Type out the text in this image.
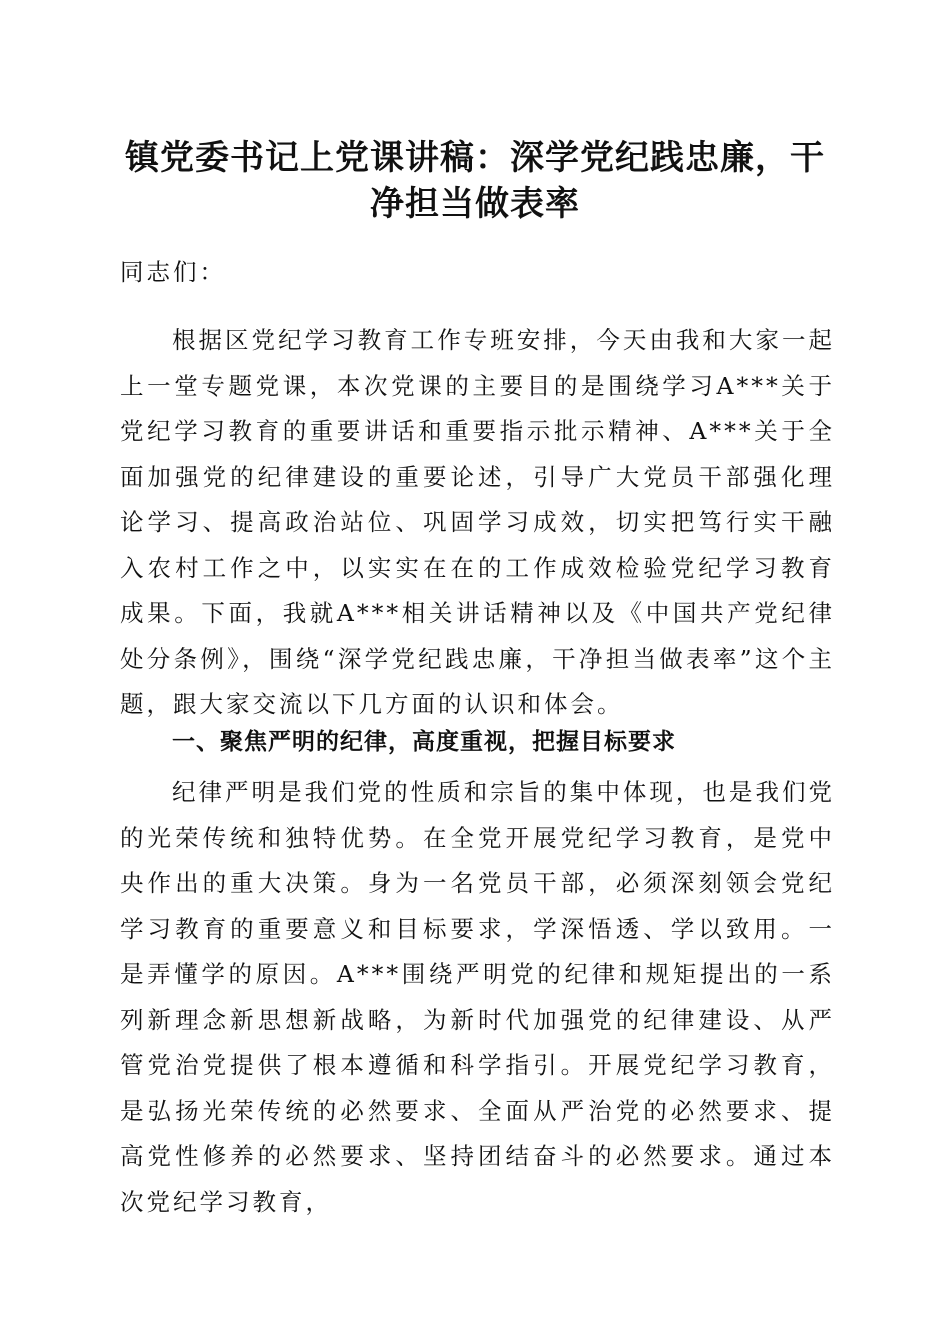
镇党委书记上党课讲稿：深学党纪践忠廉，干
净担当做表率

同志们：

根据区党纪学习教育工作专班安排，今天由我和大家一起上一堂专题党课，本次党课的主要目的是围绕学习A***关于党纪学习教育的重要讲话和重要指示批示精神、A***关于全面加强党的纪律建设的重要论述，引导广大党员干部强化理论学习、提高政治站位、巩固学习成效，切实把笃行实干融入农村工作之中，以实实在在的工作成效检验党纪学习教育成果。下面，我就A***相关讲话精神以及《中国共产党纪律处分条例》，围绕“深学党纪践忠廉，干净担当做表率”这个主题，跟大家交流以下几方面的认识和体会。

一、聚焦严明的纪律，高度重视，把握目标要求

纪律严明是我们党的性质和宗旨的集中体现，也是我们党的光荣传统和独特优势。在全党开展党纪学习教育，是党中央作出的重大决策。身为一名党员干部，必须深刻领会党纪学习教育的重要意义和目标要求，学深悟透、学以致用。一是弄懂学的原因。A***围绕严明党的纪律和规矩提出的一系列新理念新思想新战略，为新时代加强党的纪律建设、从严管党治党提供了根本遵循和科学指引。开展党纪学习教育，是弘扬光荣传统的必然要求、全面从严治党的必然要求、提高党性修养的必然要求、坚持团结奋斗的必然要求。通过本次党纪学习教育，
